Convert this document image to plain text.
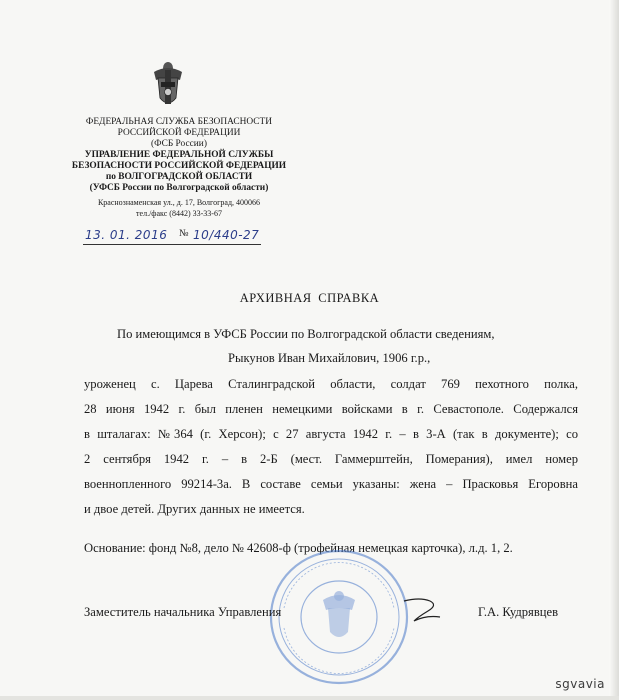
ФЕДЕРАЛЬНАЯ СЛУЖБА БЕЗОПАСНОСТИ
РОССИЙСКОЙ ФЕДЕРАЦИИ
(ФСБ России)
УПРАВЛЕНИЕ ФЕДЕРАЛЬНОЙ СЛУЖБЫ
БЕЗОПАСНОСТИ РОССИЙСКОЙ ФЕДЕРАЦИИ
по ВОЛГОГРАДСКОЙ ОБЛАСТИ
(УФСБ России по Волгоградской области)
Краснознаменская ул., д. 17, Волгоград, 400066
тел./факс (8442) 33-33-67
13. 01. 2016 № 10/440-27
АРХИВНАЯ СПРАВКА
По имеющимся в УФСБ России по Волгоградской области сведениям,
Рыкунов Иван Михайлович, 1906 г.р.,
уроженец с. Царева Сталинградской области, солдат 769 пехотного полка,
28 июня 1942 г. был пленен немецкими войсками в г. Севастополе. Содержался
в шталагах: №364 (г. Херсон); с 27 августа 1942 г. – в 3-А (так в документе); со
2 сентября 1942 г. – в 2-Б (мест. Гаммерштейн, Померания), имел номер
военнопленного 99214-3а. В составе семьи указаны: жена – Прасковья Егоровна
и двое детей. Других данных не имеется.
Основание: фонд №8, дело № 42608-ф (трофейная немецкая карточка), л.д. 1, 2.
Заместитель начальника Управления	Г.А. Кудрявцев
sgvavia
